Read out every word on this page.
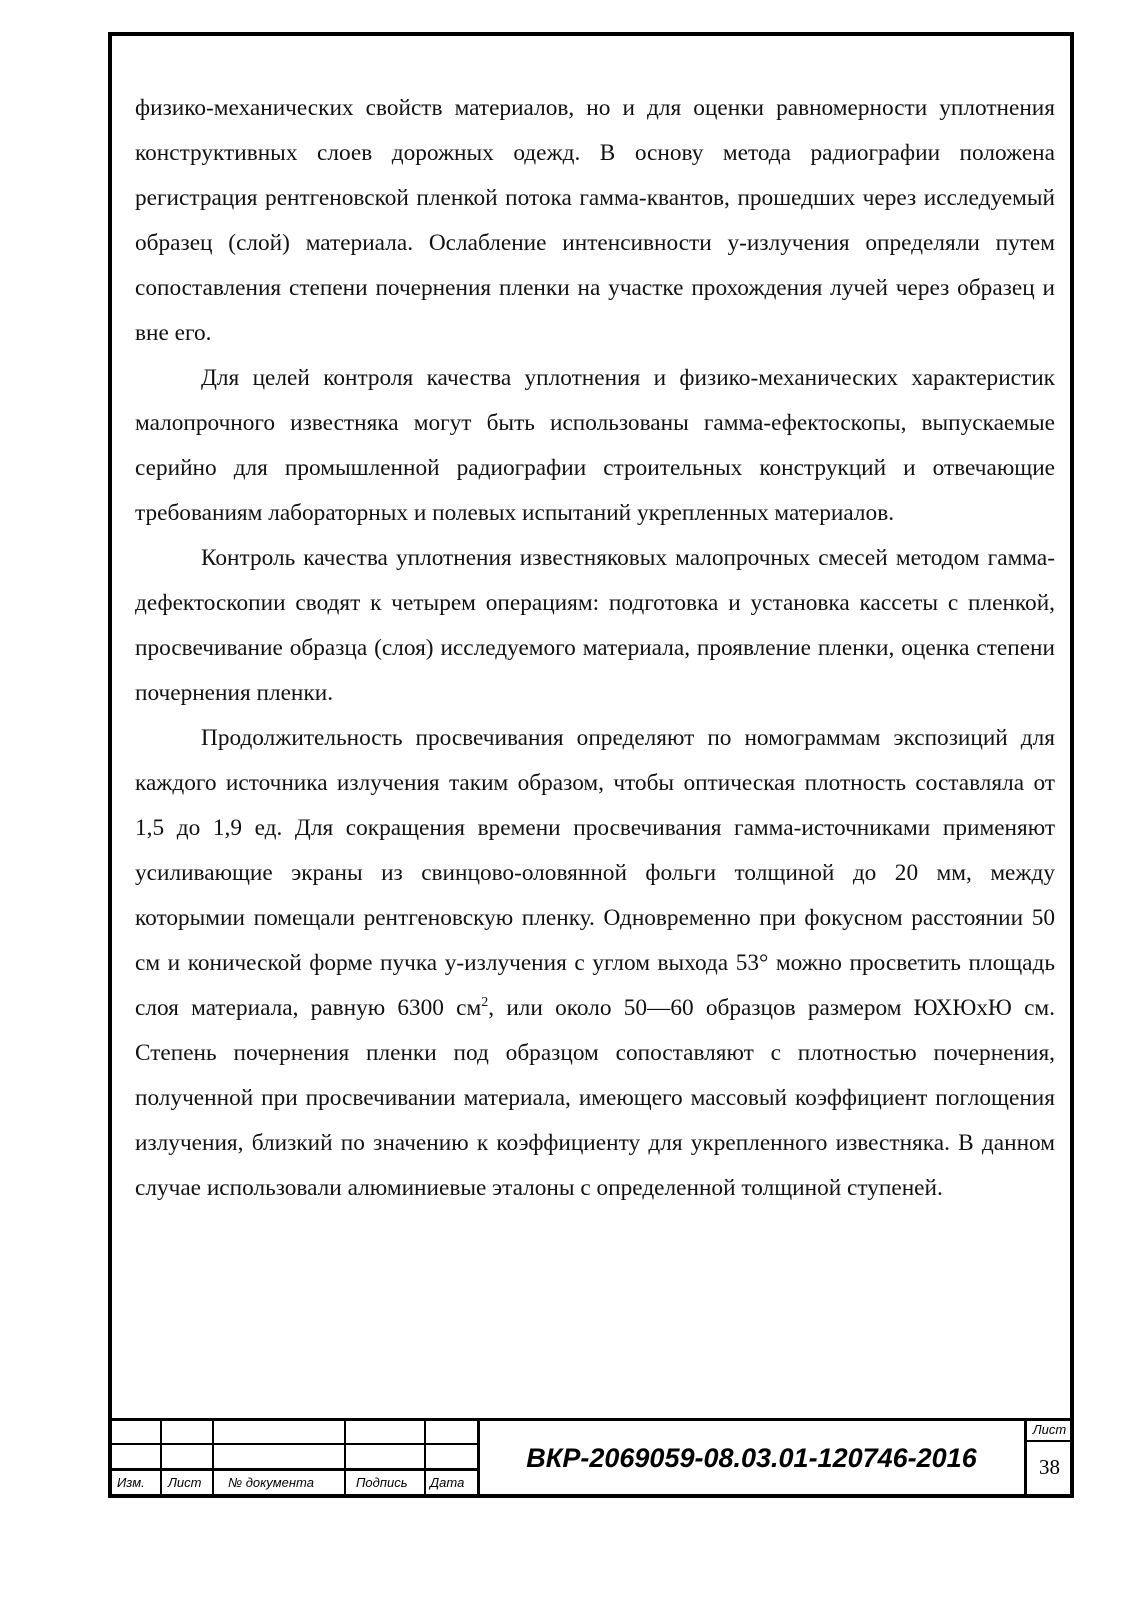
физико-механических свойств материалов, но и для оценки равномерности уплотнения конструктивных слоев дорожных одежд. В основу метода радиографии положена регистрация рентгеновской пленкой потока гамма-квантов, прошедших через исследуемый образец (слой) материала. Ослабление интенсивности у-излучения определяли путем сопоставления степени почернения пленки на участке прохождения лучей через образец и вне его.

Для целей контроля качества уплотнения и физико-механических характеристик малопрочного известняка могут быть использованы гамма-ефектоскопы, выпускаемые серийно для промышленной радиографии строительных конструкций и отвечающие требованиям лабораторных и полевых испытаний укрепленных материалов.

Контроль качества уплотнения известняковых малопрочных смесей методом гамма-дефектоскопии сводят к четырем операциям: подготовка и установка кассеты с пленкой, просвечивание образца (слоя) исследуемого материала, проявление пленки, оценка степени почернения пленки.

Продолжительность просвечивания определяют по номограммам экспозиций для каждого источника излучения таким образом, чтобы оптическая плотность составляла от 1,5 до 1,9 ед. Для сокращения времени просвечивания гамма-источниками применяют усиливающие экраны из свинцово-оловянной фольги толщиной до 20 мм, между которымии помещали рентгеновскую пленку. Одновременно при фокусном расстоянии 50 см и конической форме пучка у-излучения с углом выхода 53° можно просветить площадь слоя материала, равную 6300 $см^2$, или около 50—60 образцов размером ЮХЮхЮ см. Степень почернения пленки под образцом сопоставляют с плотностью почернения, полученной при просвечивании материала, имеющего массовый коэффициент поглощения излучения, близкий по значению к коэффициенту для укрепленного известняка. В данном случае использовали алюминиевые эталоны с определенной толщиной ступеней.

Изм. Лист № документа	Подпись Дата
ВКР-2069059-08.03.01-120746-2016
Лист
38
